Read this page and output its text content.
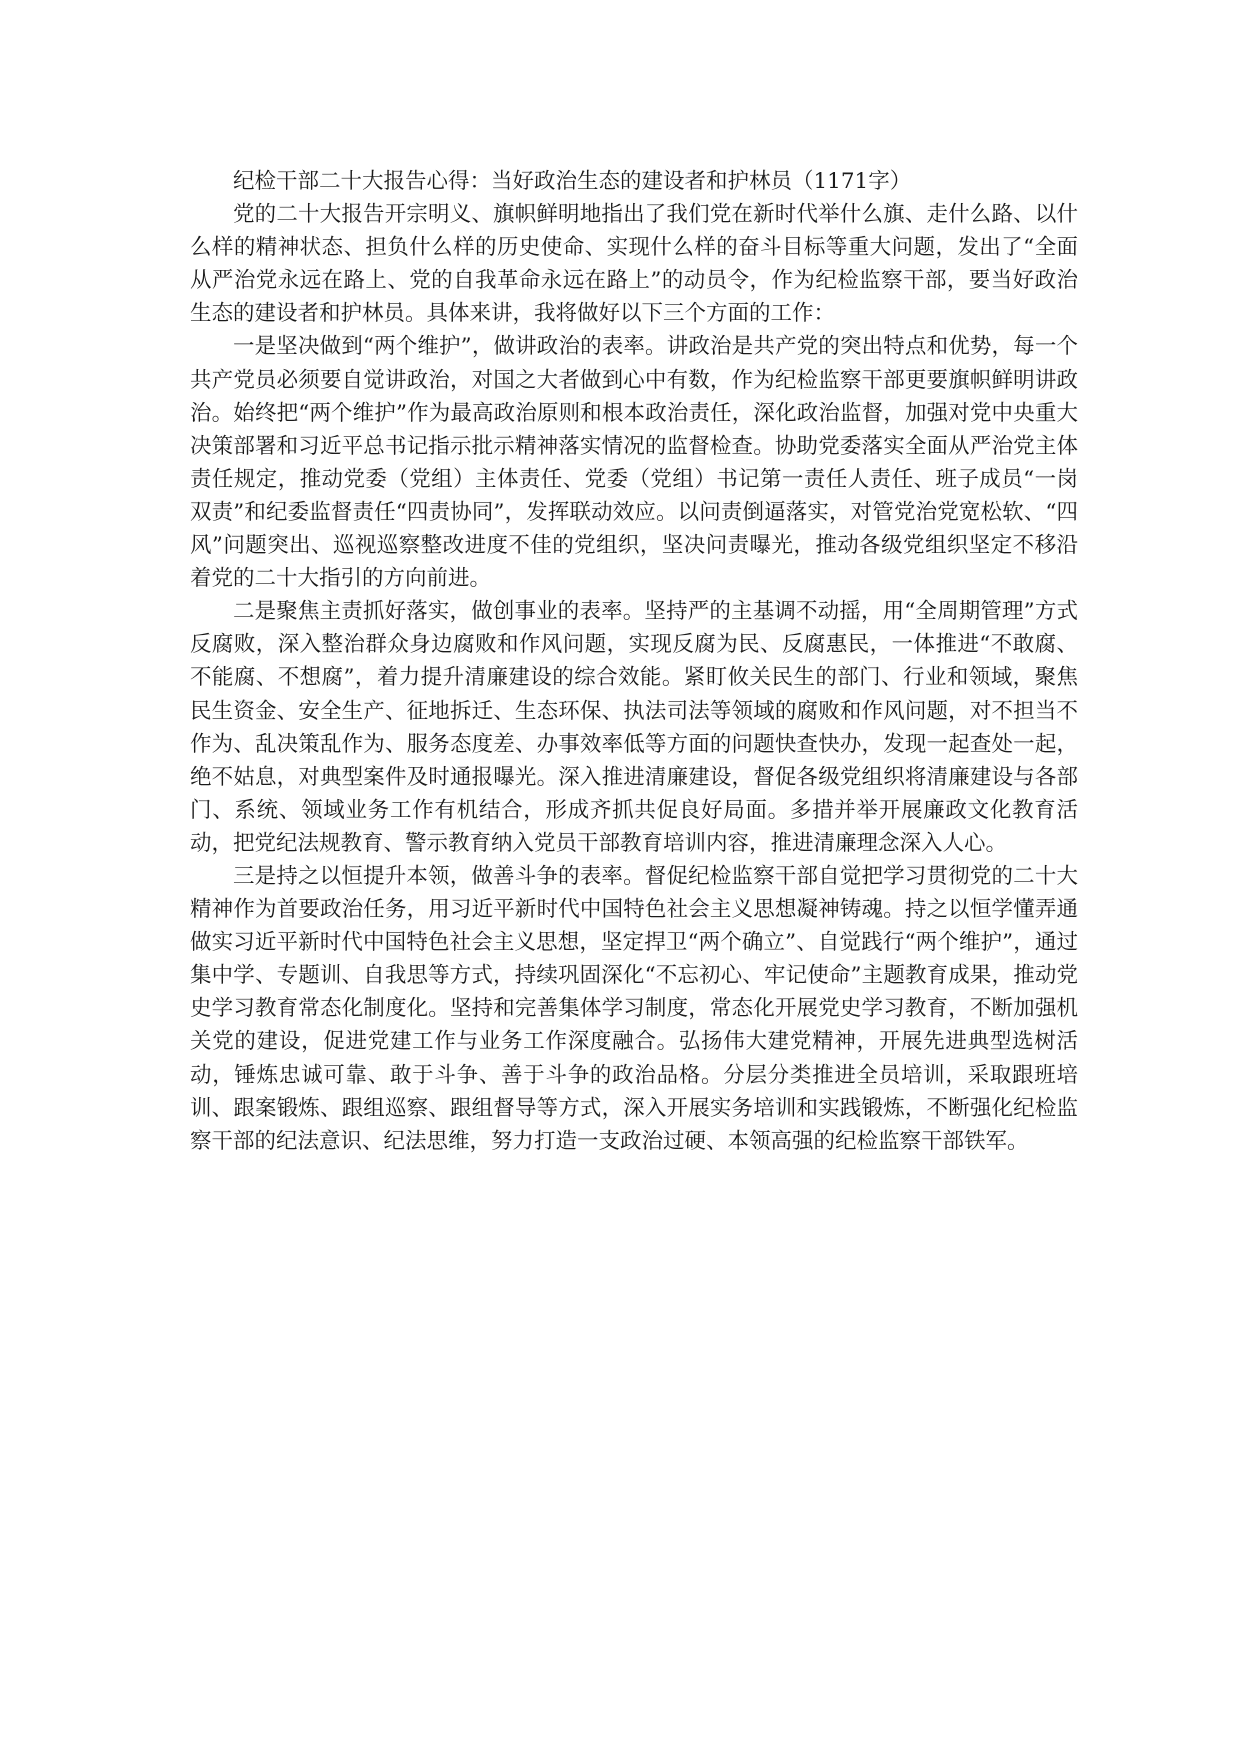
纪检干部二十大报告心得：当好政治生态的建设者和护林员（1171字）

党的二十大报告开宗明义、旗帜鲜明地指出了我们党在新时代举什么旗、走什么路、以什么样的精神状态、担负什么样的历史使命、实现什么样的奋斗目标等重大问题，发出了“全面从严治党永远在路上、党的自我革命永远在路上”的动员令，作为纪检监察干部，要当好政治生态的建设者和护林员。具体来讲，我将做好以下三个方面的工作：

一是坚决做到“两个维护”，做讲政治的表率。讲政治是共产党的突出特点和优势，每一个共产党员必须要自觉讲政治，对国之大者做到心中有数，作为纪检监察干部更要旗帜鲜明讲政治。始终把“两个维护”作为最高政治原则和根本政治责任，深化政治监督，加强对党中央重大决策部署和习近平总书记指示批示精神落实情况的监督检查。协助党委落实全面从严治党主体责任规定，推动党委（党组）主体责任、党委（党组）书记第一责任人责任、班子成员“一岗双责”和纪委监督责任“四责协同”，发挥联动效应。以问责倒逼落实，对管党治党宽松软、“四风”问题突出、巡视巡察整改进度不佳的党组织，坚决问责曝光，推动各级党组织坚定不移沿着党的二十大指引的方向前进。

二是聚焦主责抓好落实，做创事业的表率。坚持严的主基调不动摇，用“全周期管理”方式反腐败，深入整治群众身边腐败和作风问题，实现反腐为民、反腐惠民，一体推进“不敢腐、不能腐、不想腐”，着力提升清廉建设的综合效能。紧盯攸关民生的部门、行业和领域，聚焦民生资金、安全生产、征地拆迁、生态环保、执法司法等领域的腐败和作风问题，对不担当不作为、乱决策乱作为、服务态度差、办事效率低等方面的问题快查快办，发现一起查处一起，绝不姑息，对典型案件及时通报曝光。深入推进清廉建设，督促各级党组织将清廉建设与各部门、系统、领域业务工作有机结合，形成齐抓共促良好局面。多措并举开展廉政文化教育活动，把党纪法规教育、警示教育纳入党员干部教育培训内容，推进清廉理念深入人心。

三是持之以恒提升本领，做善斗争的表率。督促纪检监察干部自觉把学习贯彻党的二十大精神作为首要政治任务，用习近平新时代中国特色社会主义思想凝神铸魂。持之以恒学懂弄通做实习近平新时代中国特色社会主义思想，坚定捍卫“两个确立”、自觉践行“两个维护”，通过集中学、专题训、自我思等方式，持续巩固深化“不忘初心、牢记使命”主题教育成果，推动党史学习教育常态化制度化。坚持和完善集体学习制度，常态化开展党史学习教育，不断加强机关党的建设，促进党建工作与业务工作深度融合。弘扬伟大建党精神，开展先进典型选树活动，锤炼忠诚可靠、敢于斗争、善于斗争的政治品格。分层分类推进全员培训，采取跟班培训、跟案锻炼、跟组巡察、跟组督导等方式，深入开展实务培训和实践锻炼，不断强化纪检监察干部的纪法意识、纪法思维，努力打造一支政治过硬、本领高强的纪检监察干部铁军。
